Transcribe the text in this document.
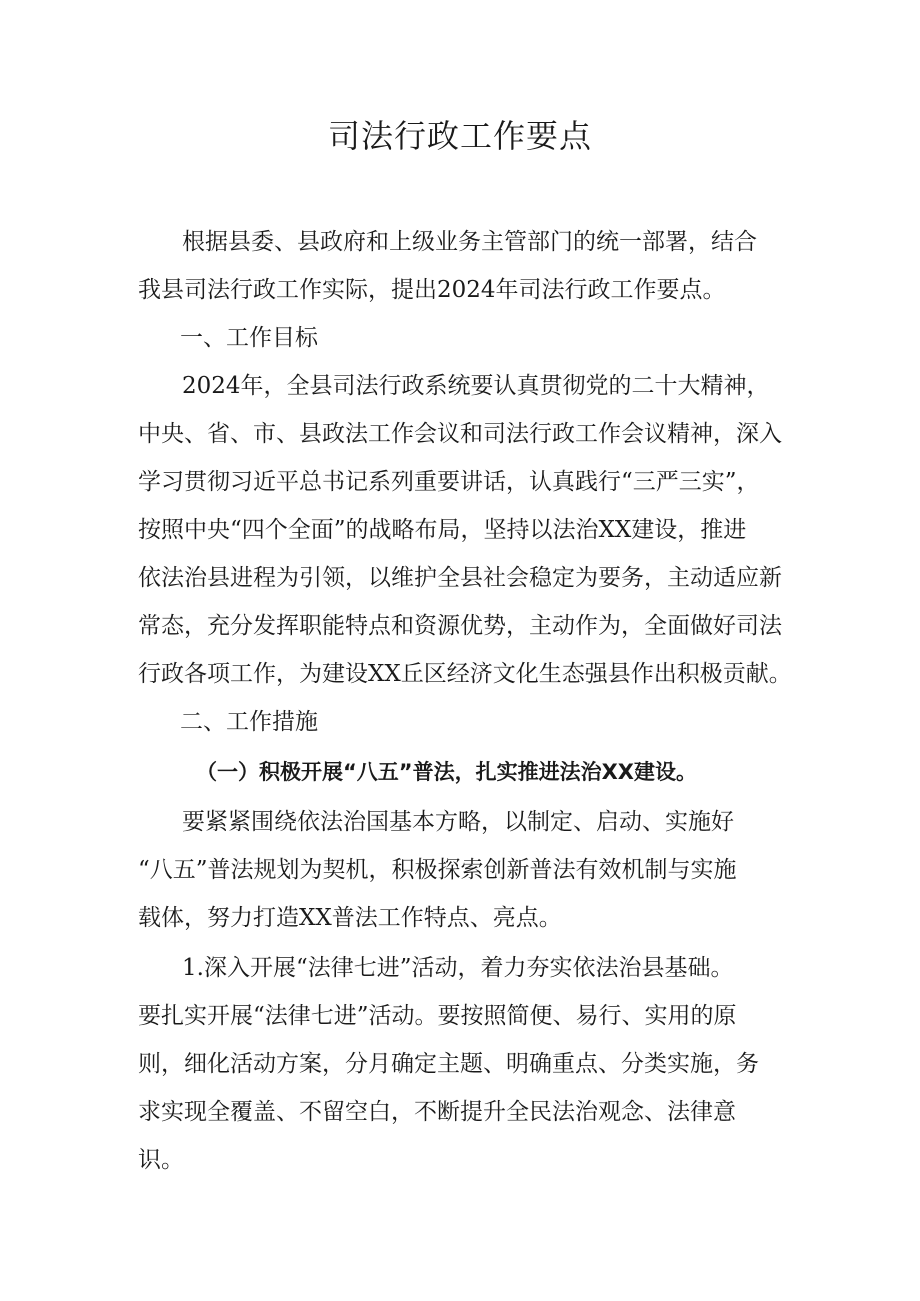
司法行政工作要点

根据县委、县政府和上级业务主管部门的统一部署，结合

我县司法行政工作实际，提出2024年司法行政工作要点。

一、工作目标

2024年，全县司法行政系统要认真贯彻党的二十大精神，

中央、省、市、县政法工作会议和司法行政工作会议精神，深入

学习贯彻习近平总书记系列重要讲话，认真践行“三严三实”，

按照中央“四个全面”的战略布局，坚持以法治XX建设，推进

依法治县进程为引领，以维护全县社会稳定为要务，主动适应新

常态，充分发挥职能特点和资源优势，主动作为，全面做好司法

行政各项工作，为建设XX丘区经济文化生态强县作出积极贡献。

二、工作措施

（一）积极开展“八五”普法，扎实推进法治XX建设。

要紧紧围绕依法治国基本方略，以制定、启动、实施好

“八五”普法规划为契机，积极探索创新普法有效机制与实施

载体，努力打造XX普法工作特点、亮点。

1.深入开展“法律七进”活动，着力夯实依法治县基础。

要扎实开展“法律七进”活动。要按照简便、易行、实用的原

则，细化活动方案，分月确定主题、明确重点、分类实施，务

求实现全覆盖、不留空白，不断提升全民法治观念、法律意

识。
